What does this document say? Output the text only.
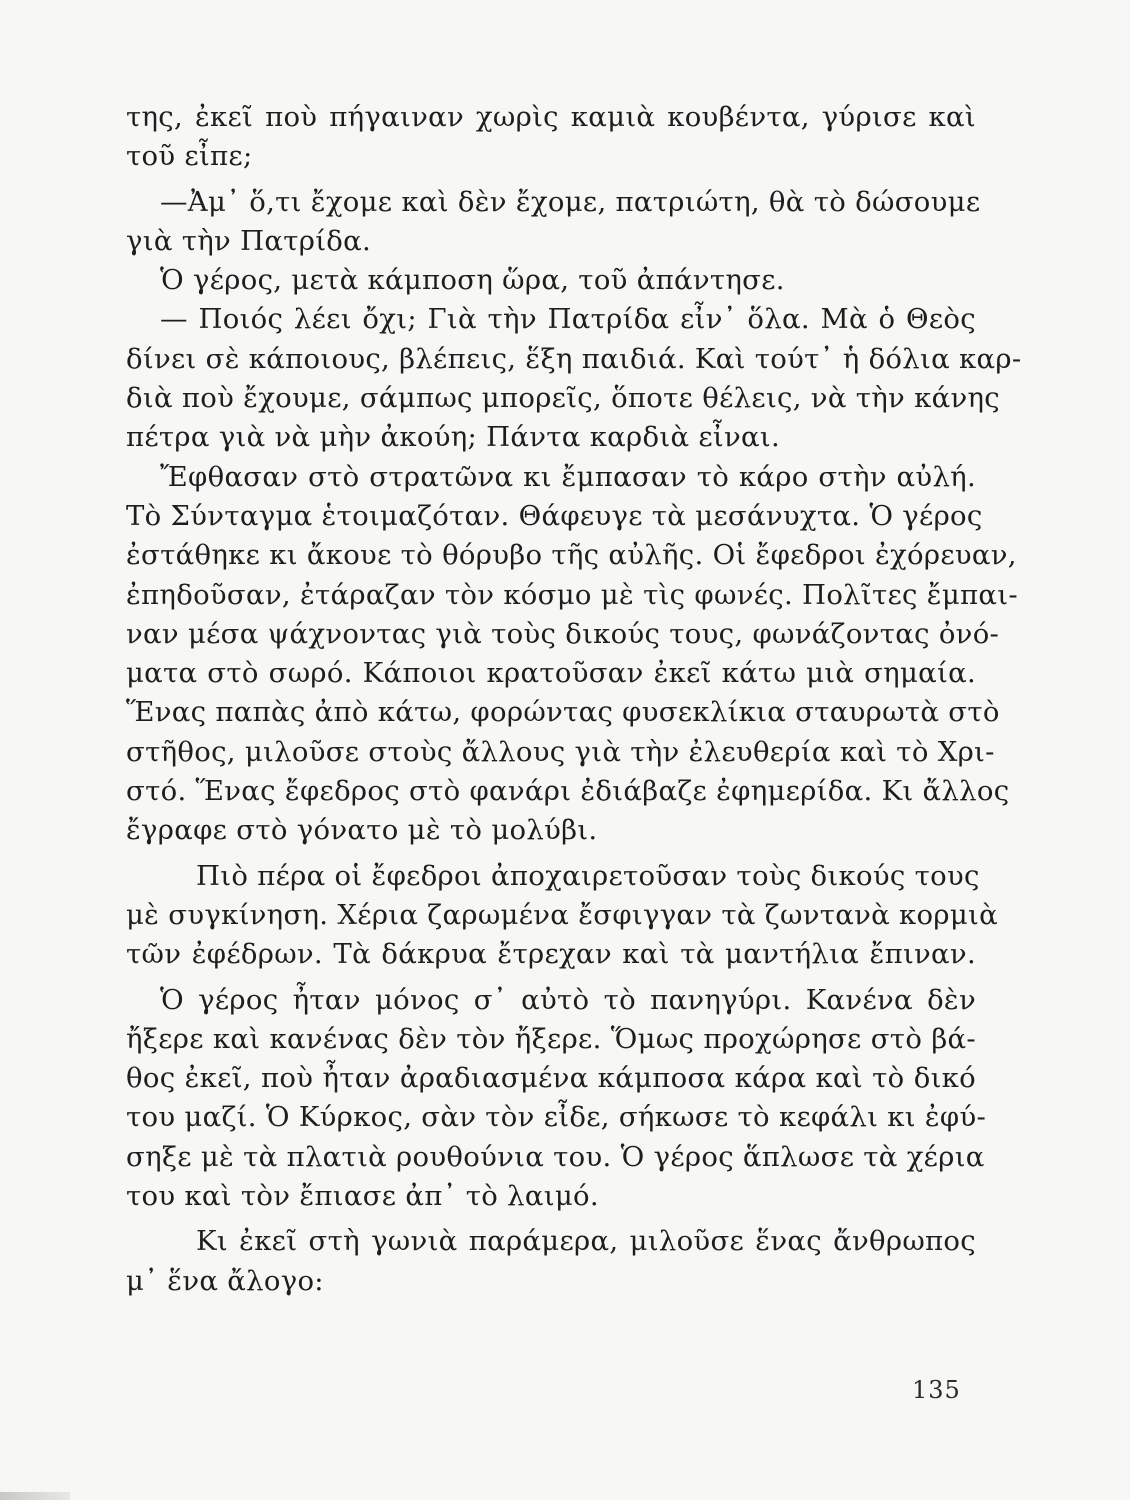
της, ἐκεῖ ποὺ πήγαιναν χωρὶς καμιὰ κουβέντα, γύρισε καὶ
τοῦ εἶπε;
—Ἀμ᾽ ὅ,τι ἔχομε καὶ δὲν ἔχομε, πατριώτη, θὰ τὸ δώσουμε
γιὰ τὴν Πατρίδα.
Ὁ γέρος, μετὰ κάμποση ὥρα, τοῦ ἀπάντησε.
— Ποιός λέει ὄχι; Γιὰ τὴν Πατρίδα εἶν᾽ ὅλα. Μὰ ὁ Θεὸς
δίνει σὲ κάποιους, βλέπεις, ἕξη παιδιά. Καὶ τούτ᾽ ἡ δόλια καρ-
διὰ ποὺ ἔχουμε, σάμπως μπορεῖς, ὅποτε θέλεις, νὰ τὴν κάνης
πέτρα γιὰ νὰ μὴν ἀκούη; Πάντα καρδιὰ εἶναι.
Ἔφθασαν στὸ στρατῶνα κι ἔμπασαν τὸ κάρο στὴν αὐλή.
Τὸ Σύνταγμα ἑτοιμαζόταν. Θάφευγε τὰ μεσάνυχτα. Ὁ γέρος
ἐστάθηκε κι ἄκουε τὸ θόρυβο τῆς αὐλῆς. Οἱ ἔφεδροι ἐχόρευαν,
ἐπηδοῦσαν, ἐτάραζαν τὸν κόσμο μὲ τὶς φωνές. Πολῖτες ἔμπαι-
ναν μέσα ψάχνοντας γιὰ τοὺς δικούς τους, φωνάζοντας ὀνό-
ματα στὸ σωρό. Κάποιοι κρατοῦσαν ἐκεῖ κάτω μιὰ σημαία.
Ἕνας παπὰς ἀπὸ κάτω, φορώντας φυσεκλίκια σταυρωτὰ στὸ
στῆθος, μιλοῦσε στοὺς ἄλλους γιὰ τὴν ἐλευθερία καὶ τὸ Χρι-
στό. Ἕνας ἔφεδρος στὸ φανάρι ἐδιάβαζε ἐφημερίδα. Κι ἄλλος
ἔγραφε στὸ γόνατο μὲ τὸ μολύβι.
Πιὸ πέρα οἱ ἔφεδροι ἀποχαιρετοῦσαν τοὺς δικούς τους
μὲ συγκίνηση. Χέρια ζαρωμένα ἔσφιγγαν τὰ ζωντανὰ κορμιὰ
τῶν ἐφέδρων. Τὰ δάκρυα ἔτρεχαν καὶ τὰ μαντήλια ἔπιναν.
Ὁ γέρος ἦταν μόνος σ᾽ αὐτὸ τὸ πανηγύρι. Κανένα δὲν
ἤξερε καὶ κανένας δὲν τὸν ἤξερε. Ὅμως προχώρησε στὸ βά-
θος ἐκεῖ, ποὺ ἦταν ἀραδιασμένα κάμποσα κάρα καὶ τὸ δικό
του μαζί. Ὁ Κύρκος, σὰν τὸν εἶδε, σήκωσε τὸ κεφάλι κι ἐφύ-
σηξε μὲ τὰ πλατιὰ ρουθούνια του. Ὁ γέρος ἅπλωσε τὰ χέρια
του καὶ τὸν ἔπιασε ἀπ᾽ τὸ λαιμό.
Κι ἐκεῖ στὴ γωνιὰ παράμερα, μιλοῦσε ἕνας ἄνθρωπος
μ᾽ ἕνα ἄλογο:
135
